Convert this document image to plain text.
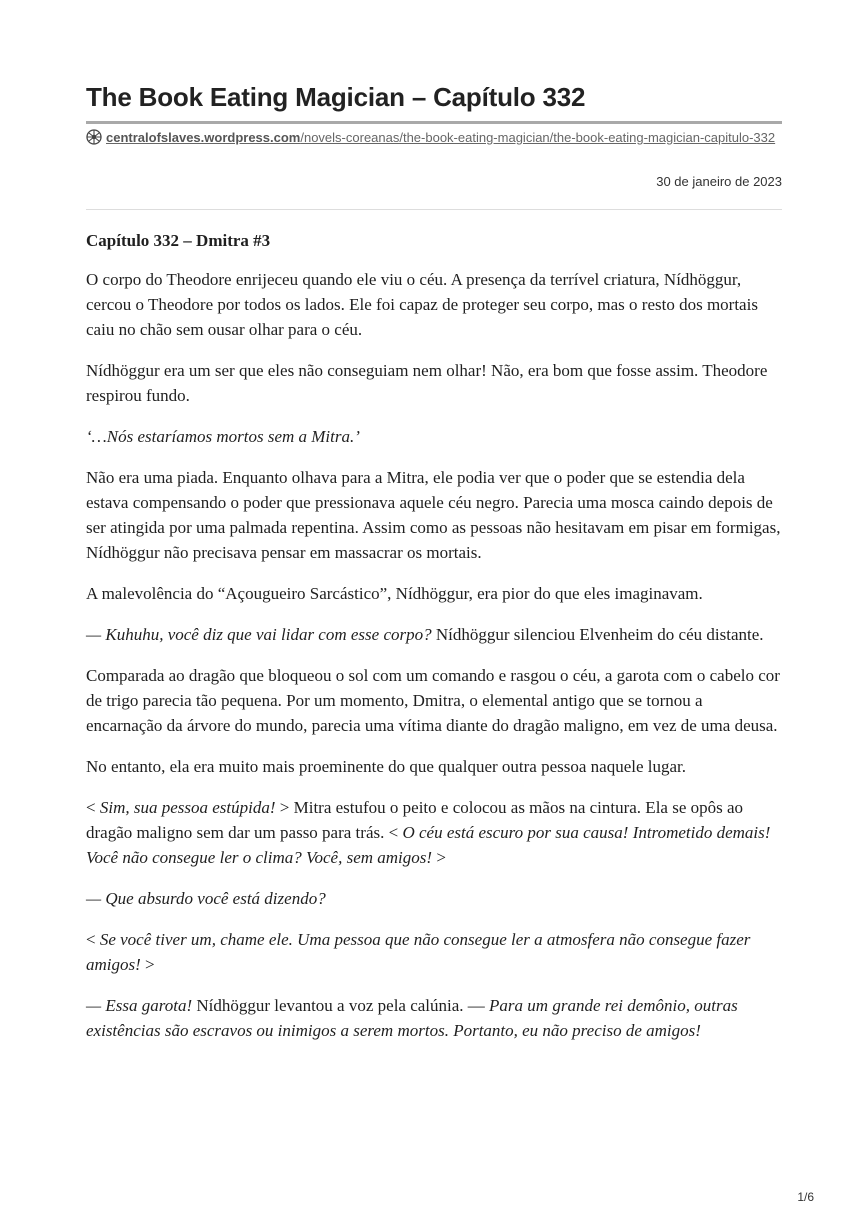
The Book Eating Magician – Capítulo 332
centralofslaves.wordpress.com/novels-coreanas/the-book-eating-magician/the-book-eating-magician-capitulo-332
30 de janeiro de 2023
Capítulo 332 – Dmitra #3

O corpo do Theodore enrijeceu quando ele viu o céu. A presença da terrível criatura, Nídhöggur, cercou o Theodore por todos os lados. Ele foi capaz de proteger seu corpo, mas o resto dos mortais caiu no chão sem ousar olhar para o céu.

Nídhöggur era um ser que eles não conseguiam nem olhar! Não, era bom que fosse assim. Theodore respirou fundo.

‘…Nós estaríamos mortos sem a Mitra.’

Não era uma piada. Enquanto olhava para a Mitra, ele podia ver que o poder que se estendia dela estava compensando o poder que pressionava aquele céu negro. Parecia uma mosca caindo depois de ser atingida por uma palmada repentina. Assim como as pessoas não hesitavam em pisar em formigas, Nídhöggur não precisava pensar em massacrar os mortais.

A malevolência do “Açougueiro Sarcástico”, Nídhöggur, era pior do que eles imaginavam.

— Kuhuhu, você diz que vai lidar com esse corpo? Nídhöggur silenciou Elvenheim do céu distante.

Comparada ao dragão que bloqueou o sol com um comando e rasgou o céu, a garota com o cabelo cor de trigo parecia tão pequena. Por um momento, Dmitra, o elemental antigo que se tornou a encarnação da árvore do mundo, parecia uma vítima diante do dragão maligno, em vez de uma deusa.

No entanto, ela era muito mais proeminente do que qualquer outra pessoa naquele lugar.

< Sim, sua pessoa estúpida! > Mitra estufou o peito e colocou as mãos na cintura. Ela se opôs ao dragão maligno sem dar um passo para trás. < O céu está escuro por sua causa! Intrometido demais! Você não consegue ler o clima? Você, sem amigos! >

— Que absurdo você está dizendo?

< Se você tiver um, chame ele. Uma pessoa que não consegue ler a atmosfera não consegue fazer amigos! >

— Essa garota! Nídhöggur levantou a voz pela calúnia. — Para um grande rei demônio, outras existências são escravos ou inimigos a serem mortos. Portanto, eu não preciso de amigos!

1/6
